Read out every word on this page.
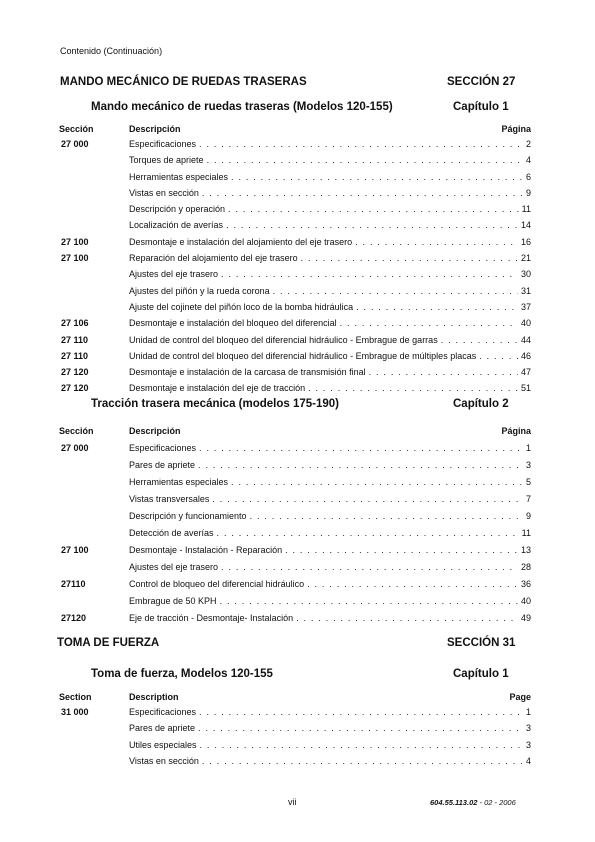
Contenido (Continuación)
MANDO MECÁNICO DE RUEDAS TRASERAS	SECCIÓN 27
Mando mecánico de ruedas traseras (Modelos 120-155)	Capítulo 1
Sección	Descripción	Página
27 000	Especificaciones . . .	2
Torques de apriete . . .	4
Herramientas especiales . . .	6
Vistas en sección . . .	9
Descripción y operación . . .	11
Localización de averías . . .	14
27 100	Desmontaje e instalación del alojamiento del eje trasero . . .	16
27 100	Reparación del alojamiento del eje trasero . . .	21
Ajustes del eje trasero . . .	30
Ajustes del piñón y la rueda corona . . .	31
Ajuste del cojinete del piñón loco de la bomba hidráulica . . .	37
27 106	Desmontaje e instalación del bloqueo del diferencial . . .	40
27 110	Unidad de control del bloqueo del diferencial hidráulico - Embrague de garras . . .	44
27 110	Unidad de control del bloqueo del diferencial hidráulico - Embrague de múltiples placas . . .	46
27 120	Desmontaje e instalación de la carcasa de transmisión final . . .	47
27 120	Desmontaje e instalación del eje de tracción . . .	51
Tracción trasera mecánica (modelos 175-190)	Capítulo 2
Sección	Descripción	Página
27 000	Especificaciones . . .	1
Pares de apriete . . .	3
Herramientas especiales . . .	5
Vistas transversales . . .	7
Descripción y funcionamiento . . .	9
Detección de averías . . .	11
27 100	Desmontaje - Instalación - Reparación . . .	13
Ajustes del eje trasero . . .	28
27110	Control de bloqueo del diferencial hidráulico . . .	36
Embrague de 50 KPH . . .	40
27120	Eje de tracción - Desmontaje- Instalación . . .	49
TOMA DE FUERZA	SECCIÓN 31
Toma de fuerza, Modelos 120-155	Capítulo 1
Section	Description	Page
31 000	Especificaciones . . .	1
Pares de apriete . . .	3
Utiles especiales . . .	3
Vistas en sección . . .	4
vii	604.55.113.02 - 02 - 2006
